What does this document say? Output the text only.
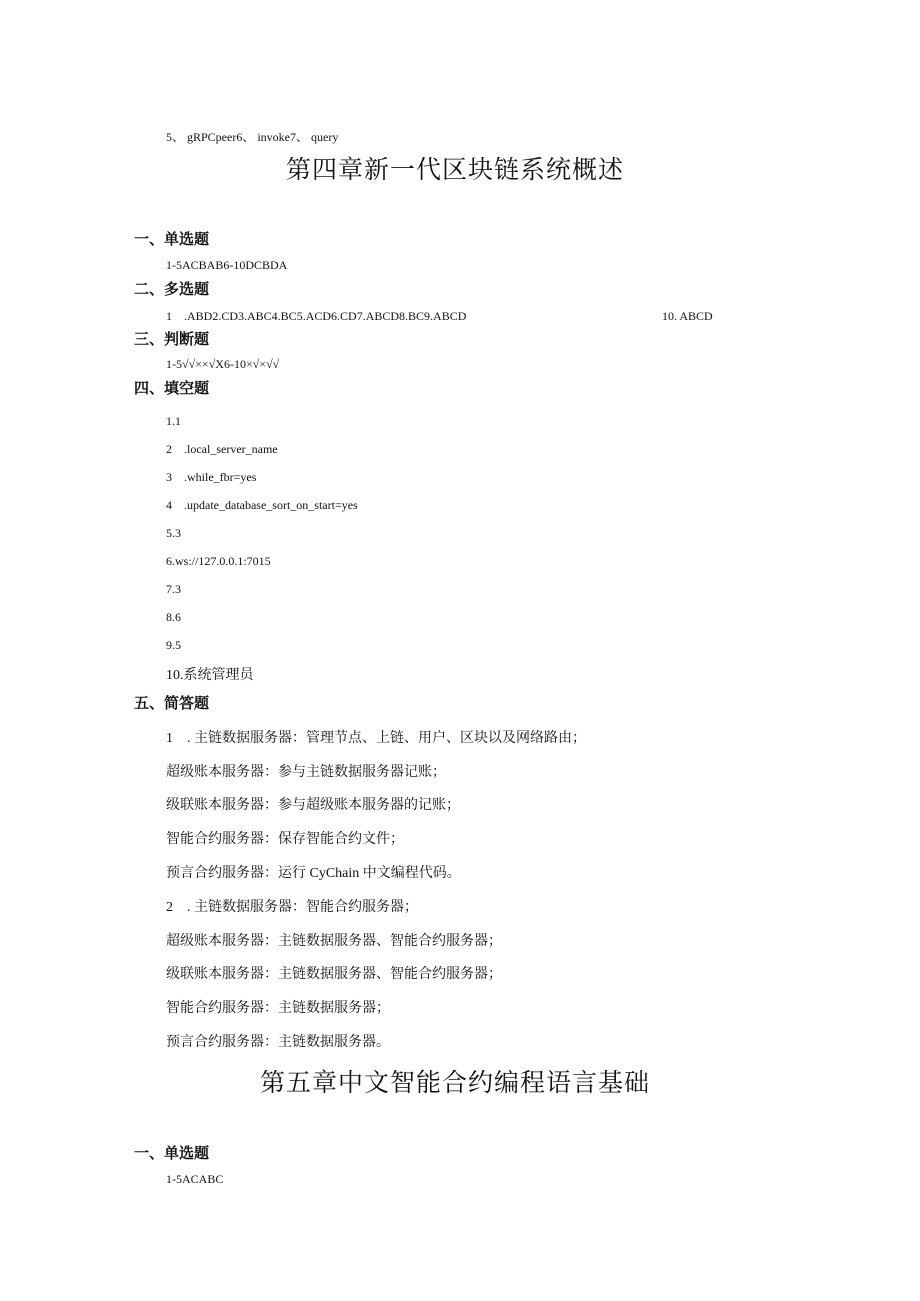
5、 gRPCpeer6、 invoke7、 query
第四章新一代区块链系统概述
一、单选题
1-5ACBAB6-10DCBDA
二、多选题
1　.ABD2.CD3.ABC4.BC5.ACD6.CD7.ABCD8.BC9.ABCD	10. ABCD
三、判断题
1-5√√××√X6-10×√×√√
四、填空题
1.1
2　.local_server_name
3　.while_fbr=yes
4　.update_database_sort_on_start=yes
5.3
6.ws://127.0.0.1:7015
7.3
8.6
9.5
10.系统管理员
五、简答题
1　. 主链数据服务器：管理节点、上链、用户、区块以及网络路由；
超级账本服务器：参与主链数据服务器记账；
级联账本服务器：参与超级账本服务器的记账；
智能合约服务器：保存智能合约文件；
预言合约服务器：运行 CyChain 中文编程代码。
2　. 主链数据服务器：智能合约服务器；
超级账本服务器：主链数据服务器、智能合约服务器；
级联账本服务器：主链数据服务器、智能合约服务器；
智能合约服务器：主链数据服务器；
预言合约服务器：主链数据服务器。
第五章中文智能合约编程语言基础
一、单选题
1-5ACABC
